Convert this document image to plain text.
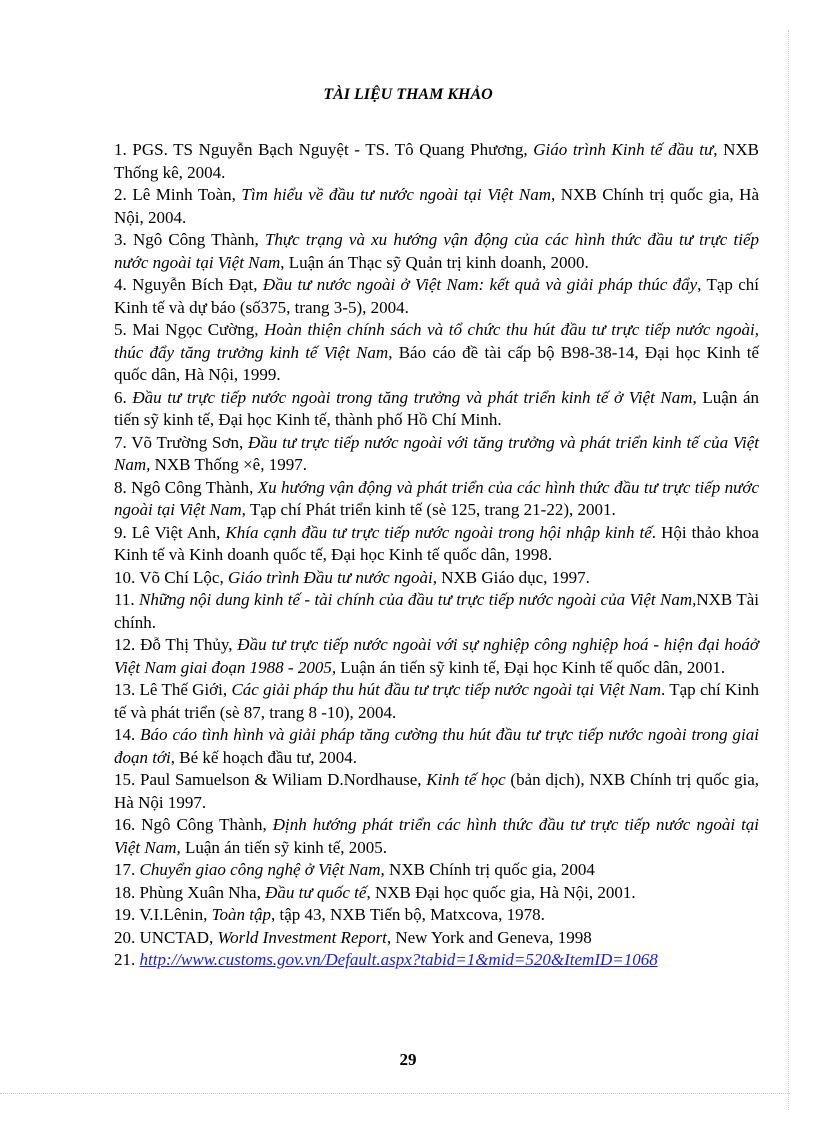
TÀI LIỆU THAM KHẢO

1. PGS. TS Nguyễn Bạch Nguyệt - TS. Tô Quang Phương, Giáo trình Kinh tế đầu tư, NXB Thống kê, 2004.

2. Lê Minh Toàn, Tìm hiểu về đầu tư nước ngoài tại Việt Nam, NXB Chính trị quốc gia, Hà Nội, 2004.

3. Ngô Công Thành, Thực trạng và xu hướng vận động của các hình thức đầu tư trực tiếp nước ngoài tại Việt Nam, Luận án Thạc sỹ Quản trị kinh doanh, 2000.

4. Nguyễn Bích Đạt, Đầu tư nước ngoài ở Việt Nam: kết quả và giải pháp thúc đẩy, Tạp chí Kinh tế và dự báo (số375, trang 3-5), 2004.

5. Mai Ngọc Cường, Hoàn thiện chính sách và tổ chức thu hút đầu tư trực tiếp nước ngoài, thúc đẩy tăng trưởng kinh tế Việt Nam, Báo cáo đề tài cấp bộ B98-38-14, Đại học Kinh tế quốc dân, Hà Nội, 1999.

6. Đầu tư trực tiếp nước ngoài trong tăng trưởng và phát triển kinh tế ở Việt Nam, Luận án tiến sỹ kinh tế, Đại học Kinh tế, thành phố Hồ Chí Minh.

7. Võ Trường Sơn, Đầu tư trực tiếp nước ngoài với tăng trưởng và phát triển kinh tế của Việt Nam, NXB Thống ×ê, 1997.

8. Ngô Công Thành, Xu hướng vận động và phát triển của các hình thức đầu tư trực tiếp nước ngoài tại Việt Nam, Tạp chí Phát triển kinh tế (sè 125, trang 21-22), 2001.

9. Lê Việt Anh, Khía cạnh đầu tư trực tiếp nước ngoài trong hội nhập kinh tế. Hội thảo khoa Kinh tế và Kinh doanh quốc tế, Đại học Kinh tế quốc dân, 1998.

10. Võ Chí Lộc, Giáo trình Đầu tư nước ngoài, NXB Giáo dục, 1997.

11. Những nội dung kinh tế - tài chính của đầu tư trực tiếp nước ngoài của Việt Nam,NXB Tài chính.

12. Đỗ Thị Thủy, Đầu tư trực tiếp nước ngoài với sự nghiệp công nghiệp hoá - hiện đại hoáở Việt Nam giai đoạn 1988 - 2005, Luận án tiến sỹ kinh tế, Đại học Kinh tế quốc dân, 2001.

13. Lê Thế Giới, Các giải pháp thu hút đầu tư trực tiếp nước ngoài tại Việt Nam. Tạp chí Kinh tế và phát triển (sè 87, trang 8 -10), 2004.

14. Báo cáo tình hình và giải pháp tăng cường thu hút đầu tư trực tiếp nước ngoài trong giai đoạn tới, Bé kế hoạch đầu tư, 2004.

15. Paul Samuelson & Wiliam D.Nordhause, Kinh tế học (bản dịch), NXB Chính trị quốc gia, Hà Nội 1997.

16. Ngô Công Thành, Định hướng phát triển các hình thức đầu tư trực tiếp nước ngoài tại Việt Nam, Luận án tiến sỹ kinh tế, 2005.

17. Chuyển giao công nghệ ở Việt Nam, NXB Chính trị quốc gia, 2004

18. Phùng Xuân Nha, Đầu tư quốc tế, NXB Đại học quốc gia, Hà Nội, 2001.

19. V.I.Lênin, Toàn tập, tập 43, NXB Tiến bộ, Matxcova, 1978.

20. UNCTAD, World Investment Report, New York and Geneva, 1998

21. http://www.customs.gov.vn/Default.aspx?tabid=1&mid=520&ItemID=1068

29
